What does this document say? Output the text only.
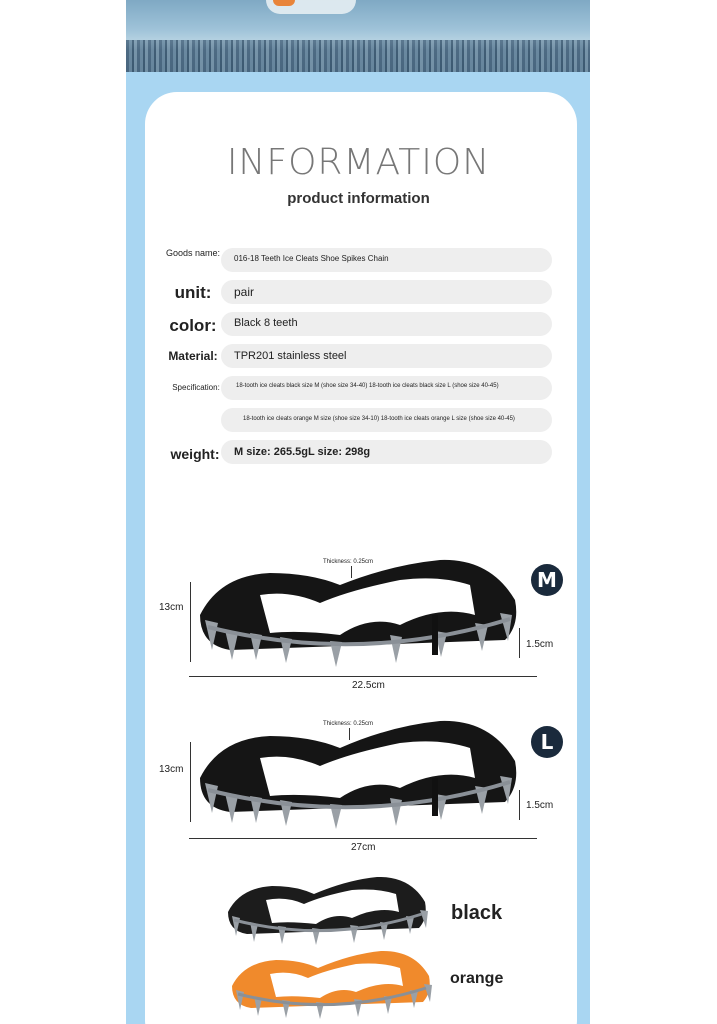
INFORMATION
product information
Goods name:
016-18 Teeth Ice Cleats Shoe Spikes Chain
unit:	pair
color:	Black 8 teeth
Material:	TPR201 stainless steel
Specification:	18-tooth ice cleats black size M (shoe size 34-40) 18-tooth ice cleats black size L (shoe size 40-45)
18-tooth ice cleats orange M size (shoe size 34-10) 18-tooth ice cleats orange L size (shoe size 40-45)
weight:	M size: 265.5gL size: 298g
13cm
Thickness: 0.25cm
1.5cm
22.5cm
M
13cm
Thickness: 0.25cm
1.5cm
27cm
L
black
orange
